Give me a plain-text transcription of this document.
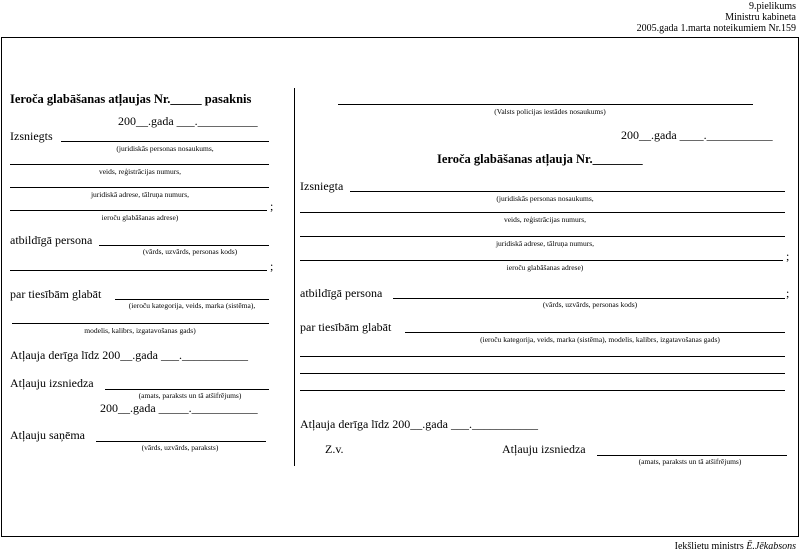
9.pielikums
Ministru kabineta
2005.gada 1.marta noteikumiem Nr.159
Ieroča glabāšanas atļaujas Nr._____ pasaknis
200__.gada ___.__________
Izsniegts
(juridiskās personas nosaukums,
veids, reģistrācijas numurs,
juridiskā adrese, tālruņa numurs,
;
ieroču glabāšanas adrese)
atbildīgā persona
(vārds, uzvārds, personas kods)
;
par tiesībām glabāt
(ieroču kategorija, veids, marka (sistēma),
modelis, kalibrs, izgatavošanas gads)
Atļauja derīga līdz 200__.gada ___.___________
Atļauju izsniedza
(amats, paraksts un tā atšifrējums)
200__.gada _____.___________
Atļauju saņēma
(vārds, uzvārds, paraksts)
(Valsts policijas iestādes nosaukums)
200__.gada ____.___________
Ieroča glabāšanas atļauja Nr.________
Izsniegta
(juridiskās personas nosaukums,
veids, reģistrācijas numurs,
juridiskā adrese, tālruņa numurs,
;
ieroču glabāšanas adrese)
atbildīgā persona	;
(vārds, uzvārds, personas kods)
par tiesībām glabāt
(ieroču kategorija, veids, marka (sistēma), modelis, kalibrs, izgatavošanas gads)
Atļauja derīga līdz 200__.gada ___.___________
Z.v.	Atļauju izsniedza
(amats, paraksts un tā atšifrējums)
Iekšlietu ministrs Ē.Jēkabsons
